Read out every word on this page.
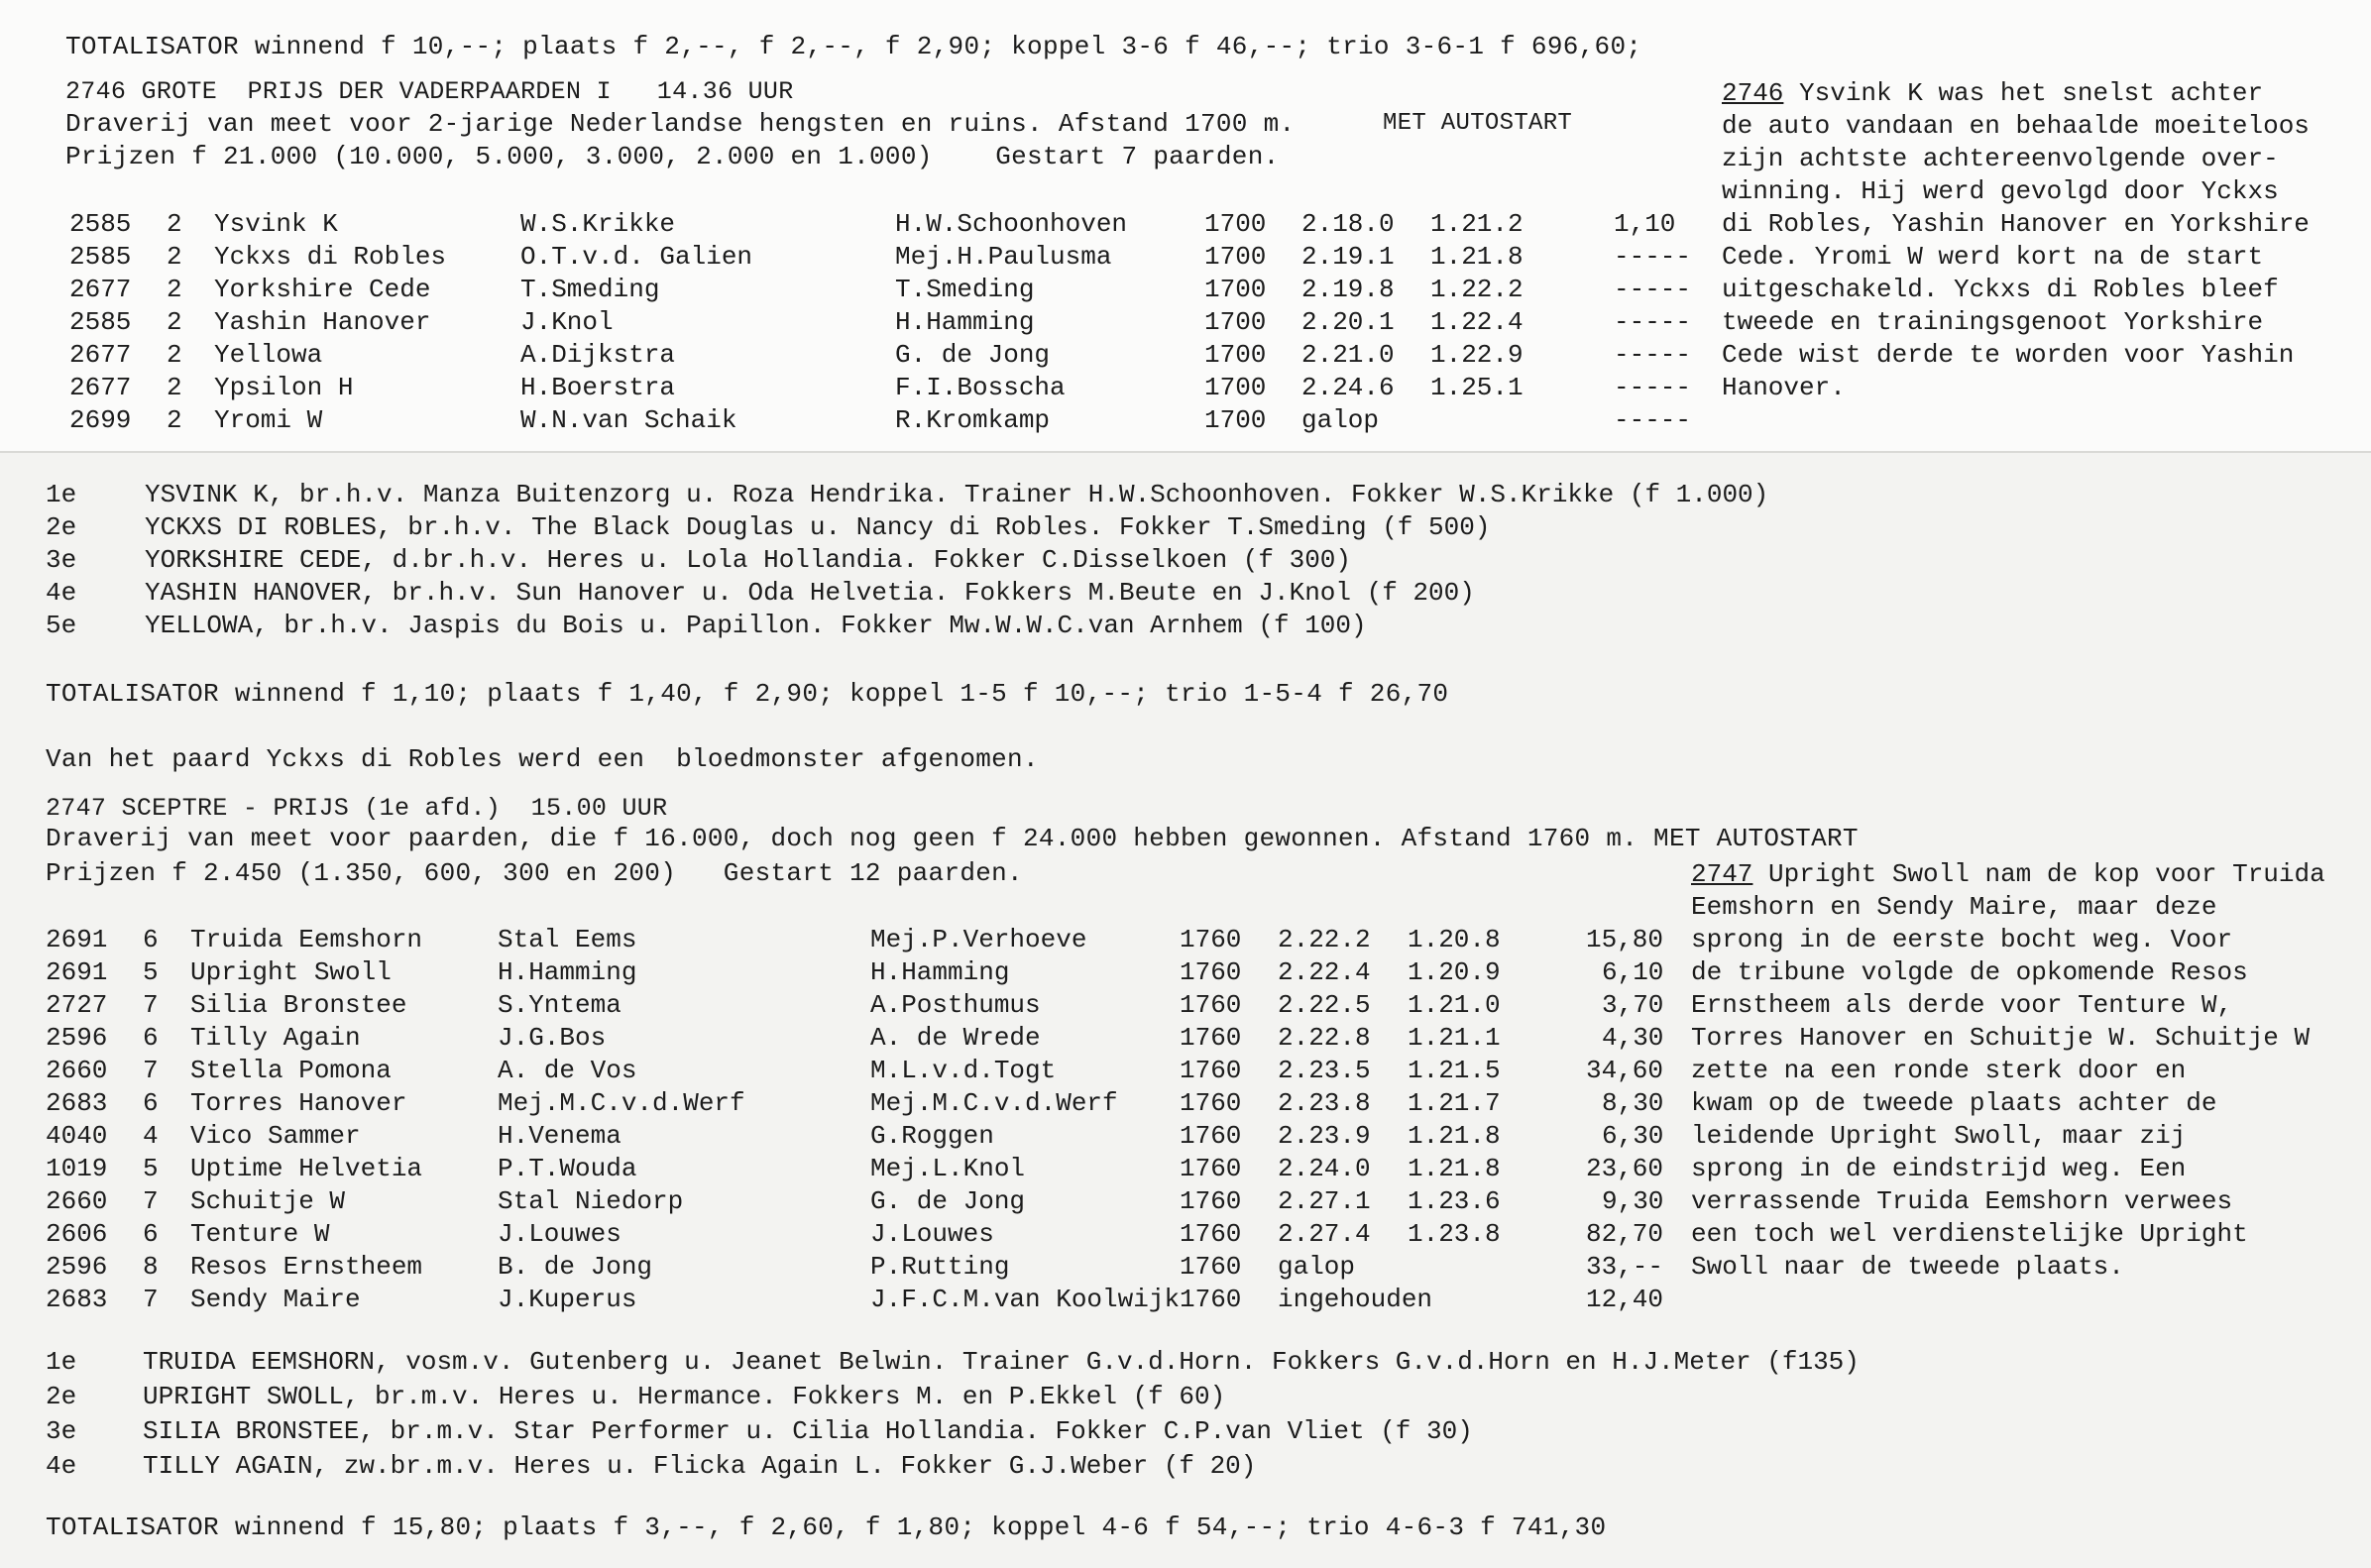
TOTALISATOR winnend f 10,--; plaats f 2,--, f 2,--, f 2,90; koppel 3-6 f 46,--; trio 3-6-1 f 696,60;
2746 GROTE  PRIJS DER VADERPAARDEN I   14.36 UUR
Draverij van meet voor 2-jarige Nederlandse hengsten en ruins. Afstand 1700 m.	MET AUTOSTART
Prijzen f 21.000 (10.000, 5.000, 3.000, 2.000 en 1.000)    Gestart 7 paarden.
2585 2 Ysvink K	W.S.Krikke	H.W.Schoonhoven	1700 2.18.0 1.21.2	1,10
2585 2 Yckxs di Robles	O.T.v.d. Galien	Mej.H.Paulusma	1700 2.19.1 1.21.8	-----
2677 2 Yorkshire Cede	T.Smeding	T.Smeding	1700 2.19.8 1.22.2	-----
2585 2 Yashin Hanover	J.Knol	H.Hamming	1700 2.20.1 1.22.4	-----
2677 2 Yellowa	A.Dijkstra	G. de Jong	1700 2.21.0 1.22.9	-----
2677 2 Ypsilon H	H.Boerstra	F.I.Bosscha	1700 2.24.6 1.25.1	-----
2699 2 Yromi W	W.N.van Schaik	R.Kromkamp	1700 galop	-----
2746 Ysvink K was het snelst achter
de auto vandaan en behaalde moeiteloos
zijn achtste achtereenvolgende over-
winning. Hij werd gevolgd door Yckxs
di Robles, Yashin Hanover en Yorkshire
Cede. Yromi W werd kort na de start
uitgeschakeld. Yckxs di Robles bleef
tweede en trainingsgenoot Yorkshire
Cede wist derde te worden voor Yashin
Hanover.
1e	YSVINK K, br.h.v. Manza Buitenzorg u. Roza Hendrika. Trainer H.W.Schoonhoven. Fokker W.S.Krikke (f 1.000)
2e	YCKXS DI ROBLES, br.h.v. The Black Douglas u. Nancy di Robles. Fokker T.Smeding (f 500)
3e	YORKSHIRE CEDE, d.br.h.v. Heres u. Lola Hollandia. Fokker C.Disselkoen (f 300)
4e	YASHIN HANOVER, br.h.v. Sun Hanover u. Oda Helvetia. Fokkers M.Beute en J.Knol (f 200)
5e	YELLOWA, br.h.v. Jaspis du Bois u. Papillon. Fokker Mw.W.W.C.van Arnhem (f 100)
TOTALISATOR winnend f 1,10; plaats f 1,40, f 2,90; koppel 1-5 f 10,--; trio 1-5-4 f 26,70
Van het paard Yckxs di Robles werd een  bloedmonster afgenomen.
2747 SCEPTRE - PRIJS (1e afd.)  15.00 UUR
Draverij van meet voor paarden, die f 16.000, doch nog geen f 24.000 hebben gewonnen. Afstand 1760 m. MET AUTOSTART
Prijzen f 2.450 (1.350, 600, 300 en 200)   Gestart 12 paarden.
2691 6 Truida Eemshorn	Stal Eems	Mej.P.Verhoeve	1760 2.22.2 1.20.8	15,80
2691 5 Upright Swoll	H.Hamming	H.Hamming	1760 2.22.4 1.20.9	6,10
2727 7 Silia Bronstee	S.Yntema	A.Posthumus	1760 2.22.5 1.21.0	3,70
2596 6 Tilly Again	J.G.Bos	A. de Wrede	1760 2.22.8 1.21.1	4,30
2660 7 Stella Pomona	A. de Vos	M.L.v.d.Togt	1760 2.23.5 1.21.5	34,60
2683 6 Torres Hanover	Mej.M.C.v.d.Werf	Mej.M.C.v.d.Werf 1760 2.23.8 1.21.7	8,30
4040 4 Vico Sammer	H.Venema	G.Roggen	1760 2.23.9 1.21.8	6,30
1019 5 Uptime Helvetia	P.T.Wouda	Mej.L.Knol	1760 2.24.0 1.21.8	23,60
2660 7 Schuitje W	Stal Niedorp	G. de Jong	1760 2.27.1 1.23.6	9,30
2606 6 Tenture W	J.Louwes	J.Louwes	1760 2.27.4 1.23.8	82,70
2596 8 Resos Ernstheem	B. de Jong	P.Rutting	1760 galop	33,--
2683 7 Sendy Maire	J.Kuperus	J.F.C.M.van Koolwijk 1760 ingehouden	12,40
2747 Upright Swoll nam de kop voor Truida
Eemshorn en Sendy Maire, maar deze
sprong in de eerste bocht weg. Voor
de tribune volgde de opkomende Resos
Ernstheem als derde voor Tenture W,
Torres Hanover en Schuitje W. Schuitje W
zette na een ronde sterk door en
kwam op de tweede plaats achter de
leidende Upright Swoll, maar zij
sprong in de eindstrijd weg. Een
verrassende Truida Eemshorn verwees
een toch wel verdienstelijke Upright
Swoll naar de tweede plaats.
1e	TRUIDA EEMSHORN, vosm.v. Gutenberg u. Jeanet Belwin. Trainer G.v.d.Horn. Fokkers G.v.d.Horn en H.J.Meter (f135)
2e	UPRIGHT SWOLL, br.m.v. Heres u. Hermance. Fokkers M. en P.Ekkel (f 60)
3e	SILIA BRONSTEE, br.m.v. Star Performer u. Cilia Hollandia. Fokker C.P.van Vliet (f 30)
4e	TILLY AGAIN, zw.br.m.v. Heres u. Flicka Again L. Fokker G.J.Weber (f 20)
TOTALISATOR winnend f 15,80; plaats f 3,--, f 2,60, f 1,80; koppel 4-6 f 54,--; trio 4-6-3 f 741,30
